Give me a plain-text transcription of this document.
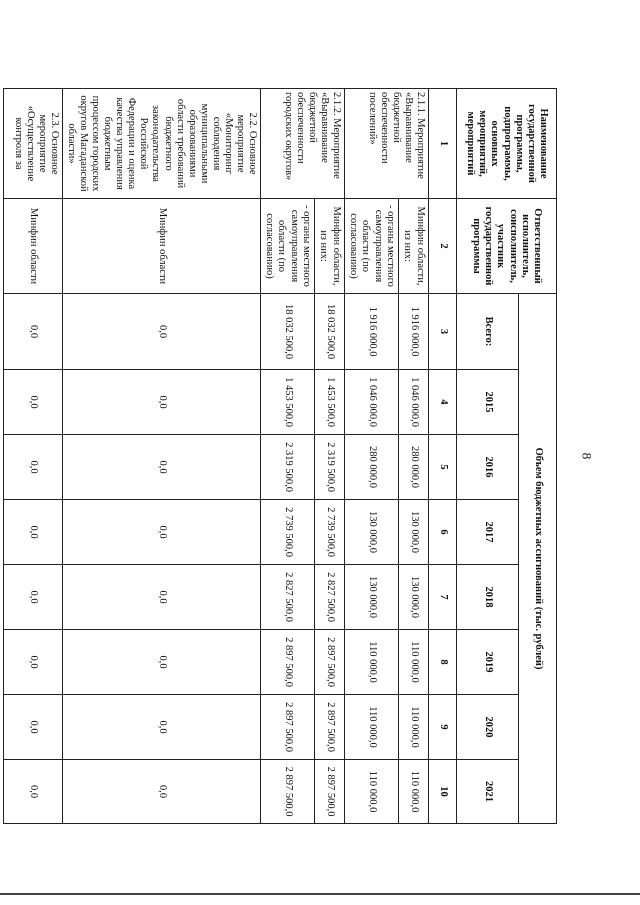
8
Наименование государственной программы, подпрограммы, основных мероприятий, мероприятий	Ответственный исполнитель, соисполнитель, участник государственной программы	Объем бюджетных ассигнований (тыс. рублей)							
		Всего:	2015	2016	2017	2018	2019	2020	2021
1	2	3	4	5	6	7	8	9	10
2.1.1. Мероприятие «Выравнивание бюджетной обеспеченности поселений»	Минфин области, из них:	1 916 000,0	1 046 000,0	280 000,0	130 000,0	130 000,0	110 000,0	110 000,0	110 000,0
	- органы местного самоуправления области (по согласованию)	1 916 000,0	1 046 000,0	280 000,0	130 000,0	130 000,0	110 000,0	110 000,0	110 000,0
2.1.2. Мероприятие «Выравнивание бюджетной обеспеченности городских округов»	Минфин области, из них:	18 032 500,0	1 453 500,0	2 319 500,0	2 739 500,0	2 827 500,0	2 897 500,0	2 897 500,0	2 897 500,0
	- органы местного самоуправления области (по согласованию)	18 032 500,0	1 453 500,0	2 319 500,0	2 739 500,0	2 827 500,0	2 897 500,0	2 897 500,0	2 897 500,0
2.2. Основное мероприятие «Мониторинг соблюдения муниципальными образованиями области требований бюджетного законодательства Российской Федерации и оценка качества управления бюджетным процессом городских округов Магаданской области»	Минфин области	0,0	0,0	0,0	0,0	0,0	0,0	0,0	0,0
2.3. Основное мероприятие «Осуществление контроля за	Минфин области	0,0	0,0	0,0	0,0	0,0	0,0	0,0	0,0
